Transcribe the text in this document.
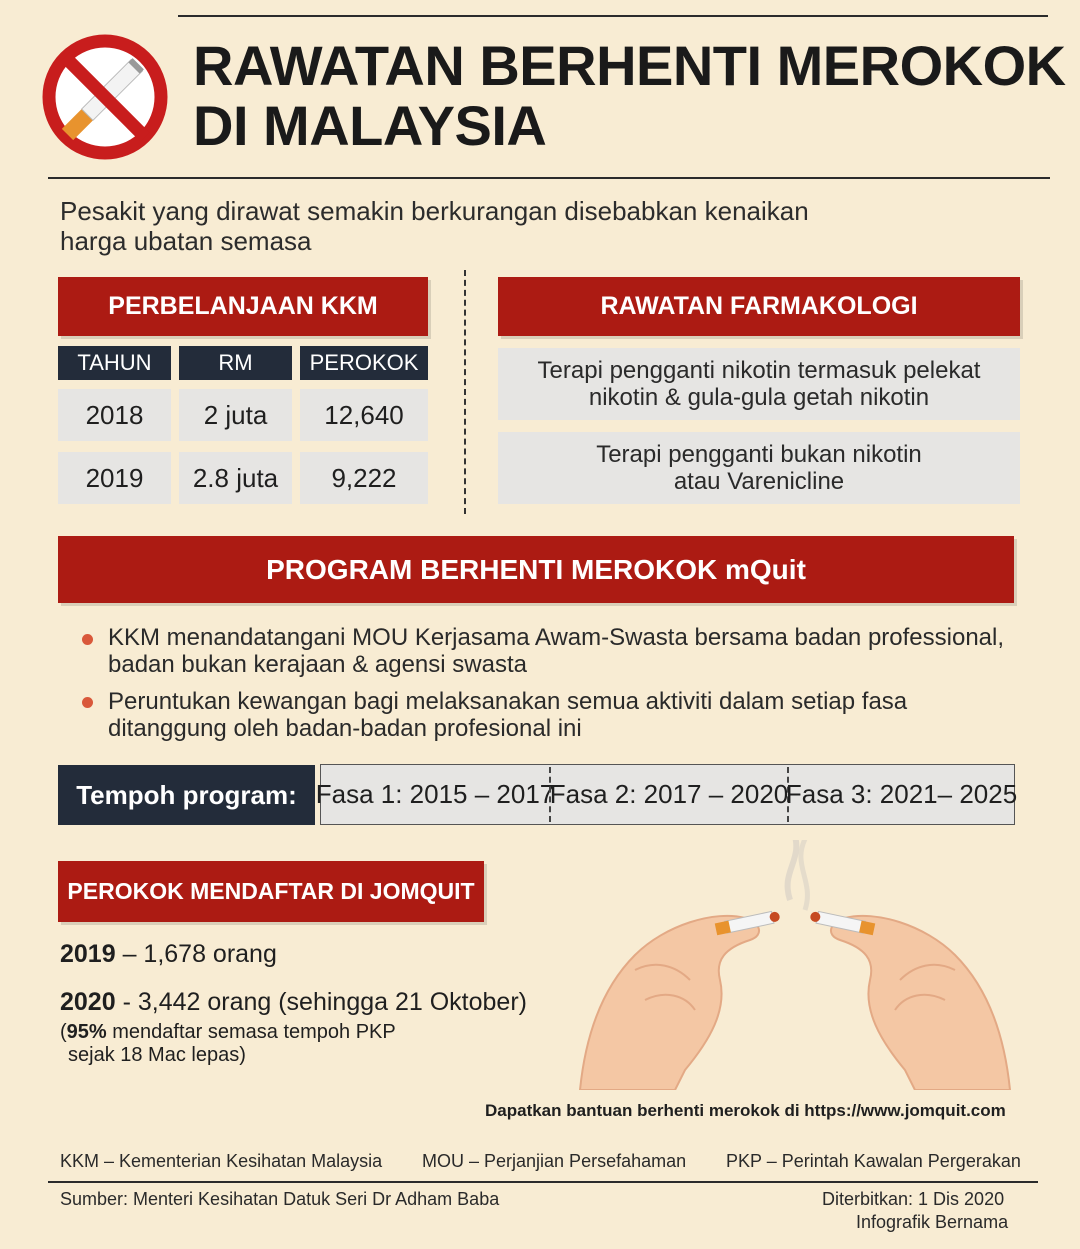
RAWATAN BERHENTI MEROKOK
DI MALAYSIA
Pesakit yang dirawat semakin berkurangan disebabkan kenaikan
harga ubatan semasa
PERBELANJAAN KKM
TAHUN	RM	PEROKOK
2018	2 juta	12,640
2019	2.8 juta	9,222
RAWATAN FARMAKOLOGI
Terapi pengganti nikotin termasuk pelekat
nikotin & gula-gula getah nikotin
Terapi pengganti bukan nikotin
atau Varenicline
PROGRAM BERHENTI MEROKOK mQuit
KKM menandatangani MOU Kerjasama Awam-Swasta bersama badan professional,
badan bukan kerajaan & agensi swasta
Peruntukan kewangan bagi melaksanakan semua aktiviti dalam setiap fasa
ditanggung oleh badan-badan profesional ini
Tempoh program: Fasa 1: 2015 – 2017
Fasa 2: 2017 – 2020
Fasa 3: 2021– 2025
PEROKOK MENDAFTAR DI JOMQUIT
2019 – 1,678 orang
2020 - 3,442 orang (sehingga 21 Oktober)
(95% mendaftar semasa tempoh PKP
sejak 18 Mac lepas)
Dapatkan bantuan berhenti merokok di https://www.jomquit.com
KKM – Kementerian Kesihatan Malaysia MOU – Perjanjian Persefahaman PKP – Perintah Kawalan Pergerakan
Sumber: Menteri Kesihatan Datuk Seri Dr Adham Baba	Diterbitkan: 1 Dis 2020
Infografik Bernama
